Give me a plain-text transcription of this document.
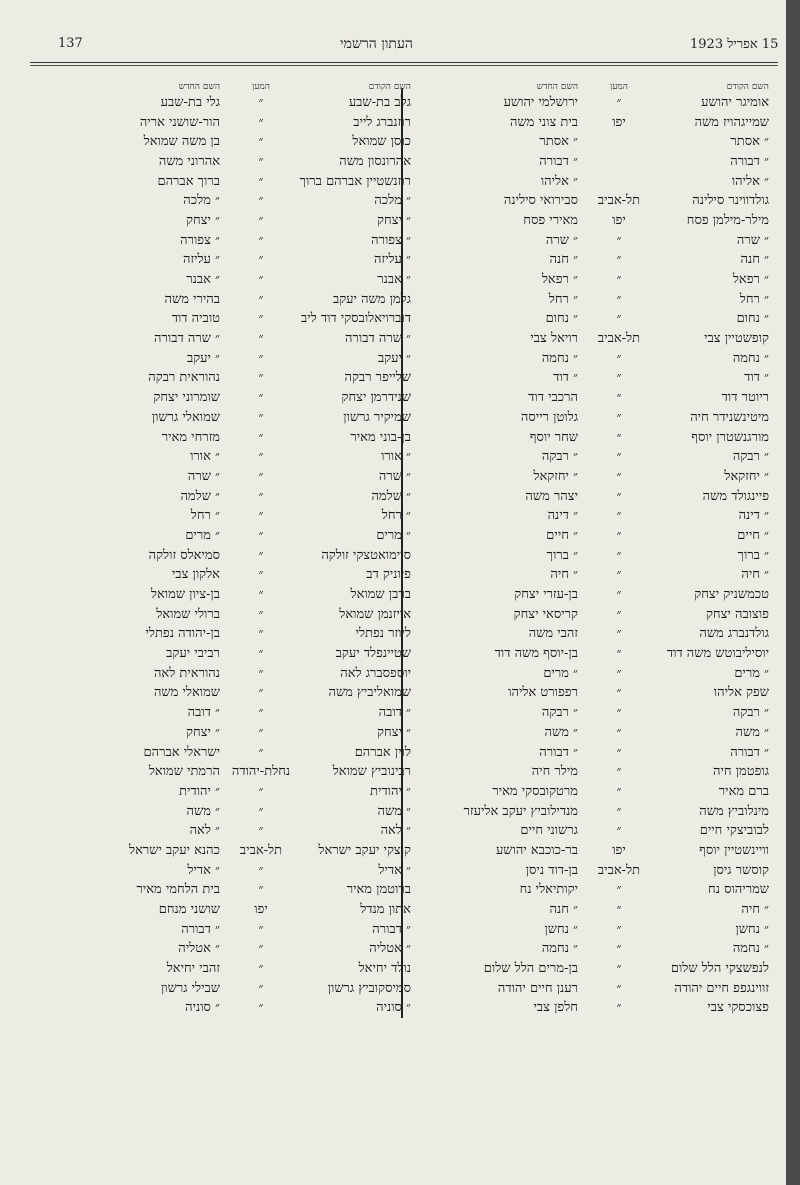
137	העתון הרשמי	15 אפריל 1923
השם הקודם
המען
השם החדש
אומיגר יהושע
״
ירושלמי יהושע
שמייגהויז משה
יפו
בית צוני משה
״ אסתר
״ אסתר
״ דבורה
״ דבורה
״ אליהו
״ אליהו
גולדווינר סילינה
תל-אביב
סבירואי סילינה
מילר-מילמן פסח
יפו
מאירי פסח
״ שרה
״
״ שרה
״ חנה
״
״ חנה
״ רפאל
״
״ רפאל
״ רחל
״
״ רחל
״ נחום
״
״ נחום
קופשטיין צבי
תל-אביב
רויאל צבי
״ נחמה
״
״ נחמה
״ דוד
״
״ דוד
ריוטר דוד
״
הרכבי דוד
מיטינשנידר חיה
״
גלוטן רייסה
מורגנשטרן יוסף
״
שחר יוסף
״ רבקה
״
״ רבקה
״ יחזקאל
״
״ יחזקאל
פיינגולד משה
״
יצהר משה
״ דינה
״
״ דינה
״ חיים
״
״ חיים
״ ברוך
״
״ ברוך
״ חיה
״
״ חיה
טכמשניק יצחק
״
בן-עזרי יצחק
פוצובה יצחק
״
קריסאי יצחק
גולדנברג משה
״
זהבי משה
יוסיליבוטש משה דוד
״
בן-יוסף משה דוד
״ מרים
״
״ מרים
שפק אליהו
״
רפפורט אליהו
״ רבקה
״
״ רבקה
״ משה
״
״ משה
״ דבורה
״
״ דבורה
גופטמן חיה
״
מילר חיה
ברם מאיר
״
מרטקובסקי מאיר
מינלוביץ משה
״
מנדילוביץ יעקב אליעזר
לבוביצקי חיים
״
גרשוני חיים
וויינשטיין יוסף
יפו
בר-כוכבא יהושע
קוסשר גיסן
תל-אביב
בן-דוד ניסן
שמריהוס נח
״
יקותיאלי נח
״ חיה
״
״ חנה
״ נחשן
״
״ נחשן
״ נחמה
״
״ נחמה
לנפשצקי הלל שלום
״
בן-מרים הלל שלום
זווינגפפ חיים יהודה
״
רענן חיים יהודה
פצוכסקי צבי
״
חלפן צבי
השם הקודם
המען
השם החדש
גלב בת-שבע
״
גלי בת-שבע
רוזנברג לייב
״
הור-שושני אריה
כוסן שמואל
״
בן משה שמואל
אהרונסון משה
״
אהרוני משה
רוזנשטיין אברהם ברוך
״
ברוך אברהם
״ מלכה
״
״ מלכה
״ יצחק
״
״ יצחק
״ צפורה
״
״ צפורה
״ עליזה
״
״ עליזה
״ אבנר
״
״ אבנר
גלמן משה יעקב
״
בהירי משה
דוברויאלובסקי דוד ליב
״
טוביה דוד
״ שרה דבורה
״
״ שרה דבורה
״ יעקב
״
״ יעקב
שלייפר רבקה
״
נהוראית רבקה
שנידרמן יצחק
״
שומרוני יצחק
שמיקיר גרשון
״
שמואלי גרשון
בן-בוני מאיר
״
מזרחי מאיר
״ אורו
״
״ אורו
״ שרה
״
״ שרה
״ שלמה
״
״ שלמה
״ רחל
״
״ רחל
״ מרים
״
״ מרים
סיימואטצקי זולקה
״
סמיאלס זולקה
פיוניק דב
״
אלקון צבי
ברבן שמואל
״
בן-ציון שמואל
אייזנמן שמואל
״
ברולי שמואל
ליוזר נפתלי
״
בן-יהודה נפתלי
שטיינפלד יעקב
״
רביבי יעקב
יוספסברג לאה
״
נהוראית לאה
שמואליביץ משה
״
שמואלי משה
״ דובה
״
״ דובה
״ יצחק
״
״ יצחק
לוין אברהם
״
ישראלי אברהם
רבינוביץ שמואל
נחלת-יהודה
הרמתי שמואל
״ יהודית
״
״ יהודית
״ משה
״
״ משה
״ לאה
״
״ לאה
קוצקי יעקב ישראל
תל-אביב
כהנא יעקב ישראל
״ אדיל
״
״ אדיל
ברוטמן מאיר
״
בית הלחמי מאיר
אתון מנדל
יפו
שושני מנחם
״ דבורה
״
״ דבורה
״ אטליה
״
״ אטליה
נולד יחיאל
״
זהבי יחיאל
סמיסקוביץ גרשון
״
שבילי גרשון
״ סוניה
״
״ סוניה
